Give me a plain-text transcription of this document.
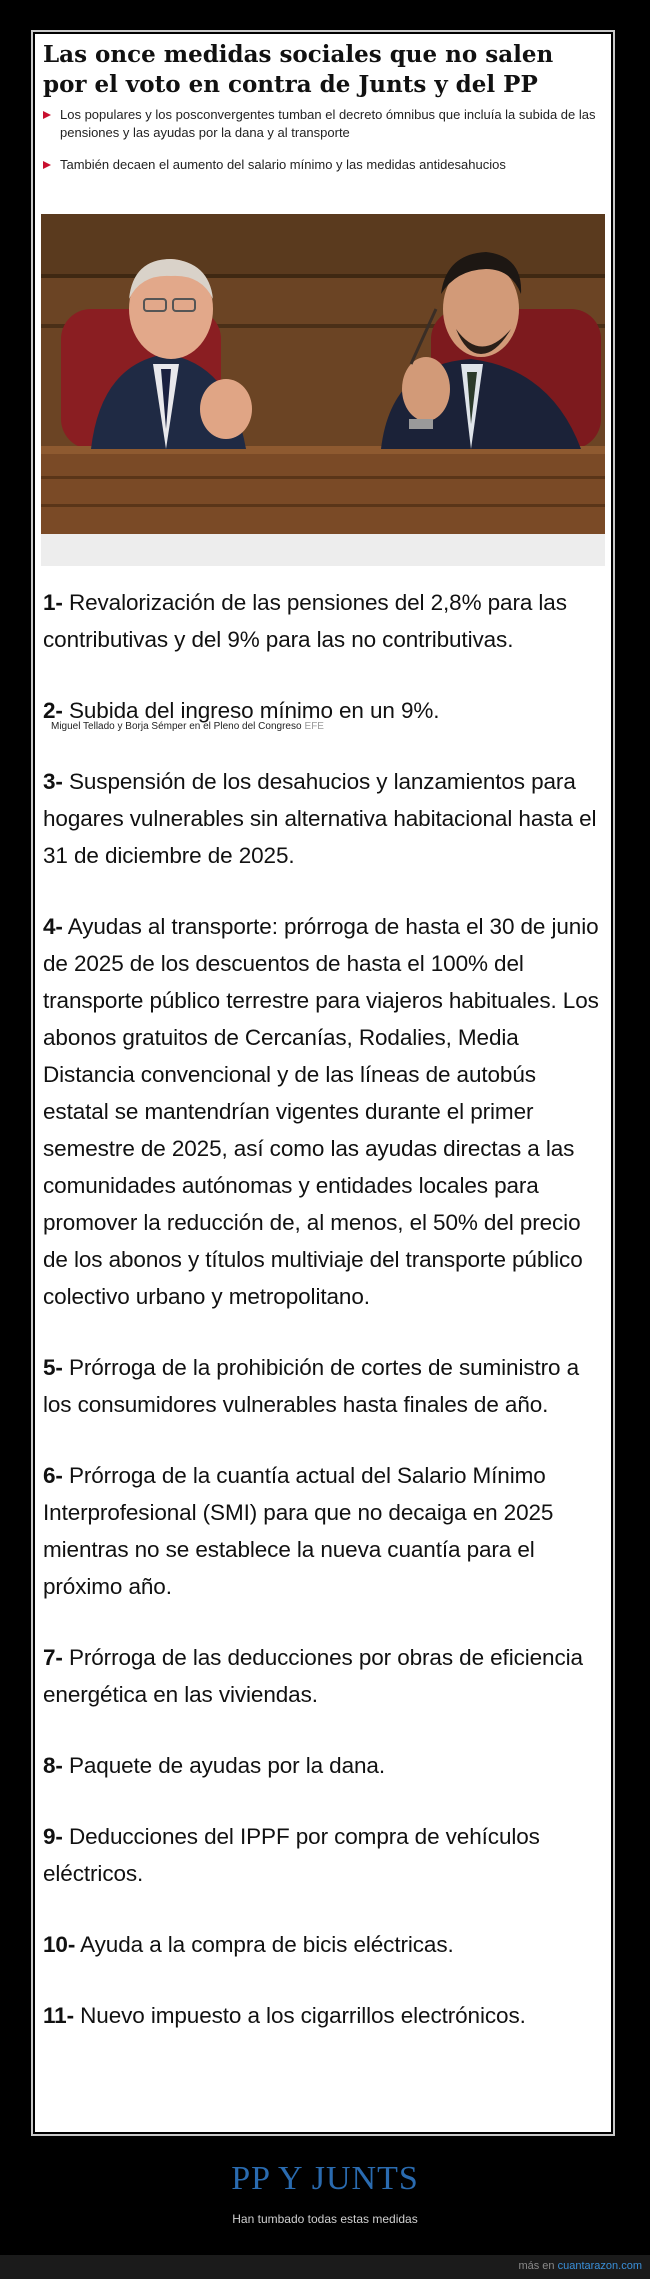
Las once medidas sociales que no salen por el voto en contra de Junts y del PP
Los populares y los posconvergentes tumban el decreto ómnibus que incluía la subida de las pensiones y las ayudas por la dana y al transporte
También decaen el aumento del salario mínimo y las medidas antidesahucios
Miguel Tellado y Borja Sémper en el Pleno del Congreso EFE

1- Revalorización de las pensiones del 2,8% para las contributivas y del 9% para las no contributivas.

2- Subida del ingreso mínimo en un 9%.

3- Suspensión de los desahucios y lanzamientos para hogares vulnerables sin alternativa habitacional hasta el 31 de diciembre de 2025.

4- Ayudas al transporte: prórroga de hasta el 30 de junio de 2025 de los descuentos de hasta el 100% del transporte público terrestre para viajeros habituales. Los abonos gratuitos de Cercanías, Rodalies, Media Distancia convencional y de las líneas de autobús estatal se mantendrían vigentes durante el primer semestre de 2025, así como las ayudas directas a las comunidades autónomas y entidades locales para promover la reducción de, al menos, el 50% del precio de los abonos y títulos multiviaje del transporte público colectivo urbano y metropolitano.

5- Prórroga de la prohibición de cortes de suministro a los consumidores vulnerables hasta finales de año.

6- Prórroga de la cuantía actual del Salario Mínimo Interprofesional (SMI) para que no decaiga en 2025 mientras no se establece la nueva cuantía para el próximo año.

7- Prórroga de las deducciones por obras de eficiencia energética en las viviendas.

8- Paquete de ayudas por la dana.

9- Deducciones del IPPF por compra de vehículos eléctricos.

10- Ayuda a la compra de bicis eléctricas.

11- Nuevo impuesto a los cigarrillos electrónicos.

PP Y JUNTS
Han tumbado todas estas medidas
más en cuantarazon.com
